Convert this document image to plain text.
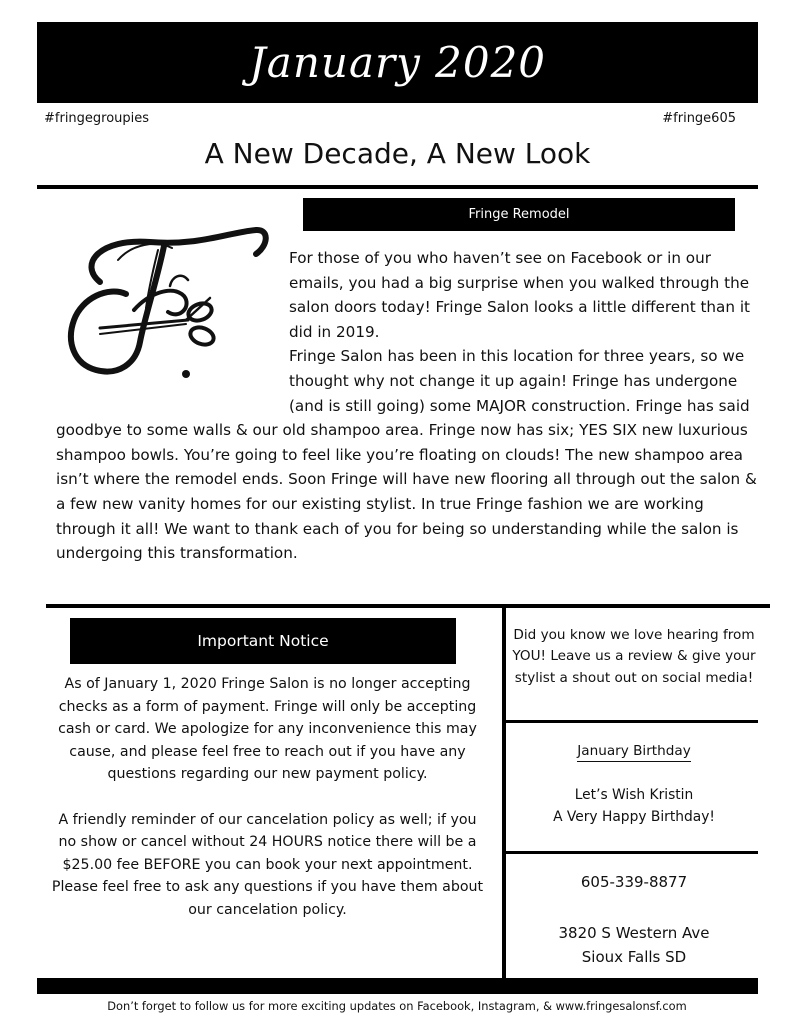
January 2020
#fringegroupies	#fringe605
A New Decade, A New Look
Fringe Remodel

For those of you who haven’t see on Facebook or in our emails, you had a big surprise when you walked through the salon doors today! Fringe Salon looks a little different than it did in 2019.

Fringe Salon has been in this location for three years, so we thought why not change it up again! Fringe has undergone (and is still going) some MAJOR construction. Fringe has said goodbye to some walls & our old shampoo area. Fringe now has six; YES SIX new luxurious shampoo bowls. You’re going to feel like you’re floating on clouds! The new shampoo area isn’t where the remodel ends. Soon Fringe will have new flooring all through out the salon & a few new vanity homes for our existing stylist. In true Fringe fashion we are working through it all! We want to thank each of you for being so understanding while the salon is undergoing this transformation.

Important Notice

As of January 1, 2020 Fringe Salon is no longer accepting checks as a form of payment. Fringe will only be accepting cash or card. We apologize for any inconvenience this may cause, and please feel free to reach out if you have any questions regarding our new payment policy.

A friendly reminder of our cancelation policy as well; if you no show or cancel without 24 HOURS notice there will be a $25.00 fee BEFORE you can book your next appointment. Please feel free to ask any questions if you have them about our cancelation policy.

Did you know we love hearing from YOU! Leave us a review & give your stylist a shout out on social media!
January Birthday
Let’s Wish Kristin
A Very Happy Birthday!
605-339-8877
3820 S Western Ave
Sioux Falls SD
Don’t forget to follow us for more exciting updates on Facebook, Instagram, & www.fringesalonsf.com
